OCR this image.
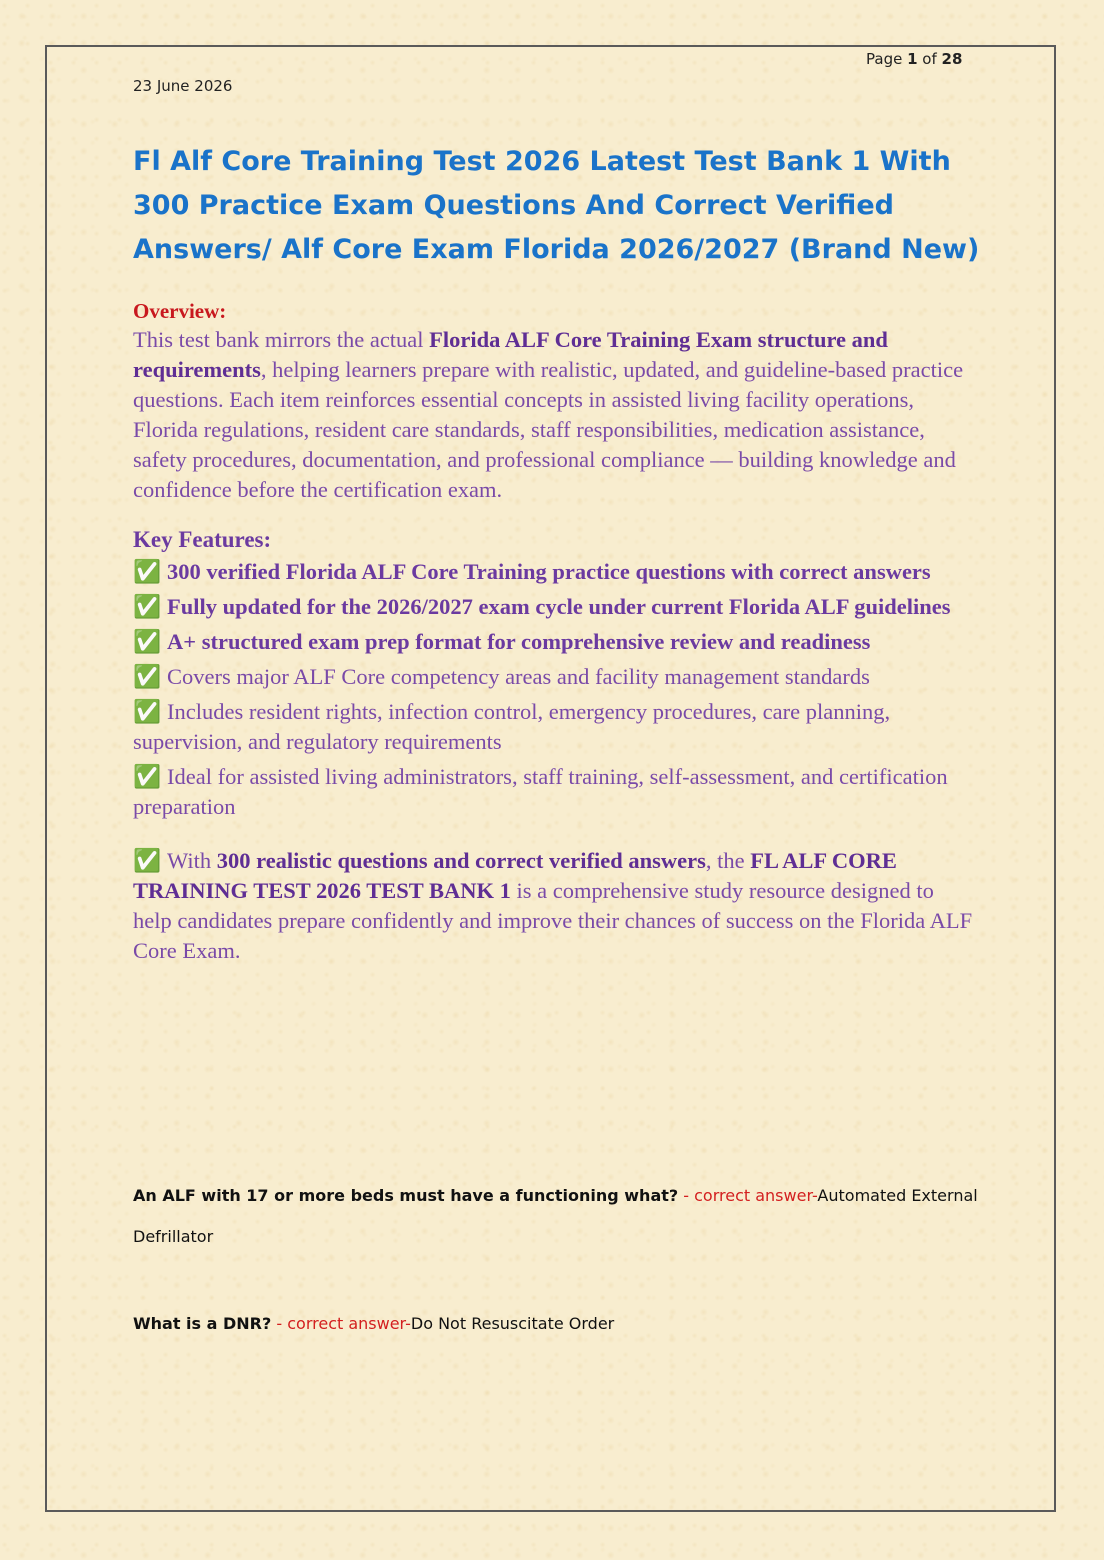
Page 1 of 28
23 June 2026
Fl Alf Core Training Test 2026 Latest Test Bank 1 With 300 Practice Exam Questions And Correct Verified Answers/ Alf Core Exam Florida 2026/2027 (Brand New)
Overview:

This test bank mirrors the actual Florida ALF Core Training Exam structure and requirements, helping learners prepare with realistic, updated, and guideline-based practice questions. Each item reinforces essential concepts in assisted living facility operations, Florida regulations, resident care standards, staff responsibilities, medication assistance, safety procedures, documentation, and professional compliance — building knowledge and confidence before the certification exam.

Key Features:

✅ 300 verified Florida ALF Core Training practice questions with correct answers

✅ Fully updated for the 2026/2027 exam cycle under current Florida ALF guidelines

✅ A+ structured exam prep format for comprehensive review and readiness

✅ Covers major ALF Core competency areas and facility management standards

✅ Includes resident rights, infection control, emergency procedures, care planning, supervision, and regulatory requirements

✅ Ideal for assisted living administrators, staff training, self-assessment, and certification preparation

✅ With 300 realistic questions and correct verified answers, the FL ALF CORE TRAINING TEST 2026 TEST BANK 1 is a comprehensive study resource designed to help candidates prepare confidently and improve their chances of success on the Florida ALF Core Exam.

An ALF with 17 or more beds must have a functioning what? - correct answer-Automated External Defrillator
What is a DNR? - correct answer-Do Not Resuscitate Order
